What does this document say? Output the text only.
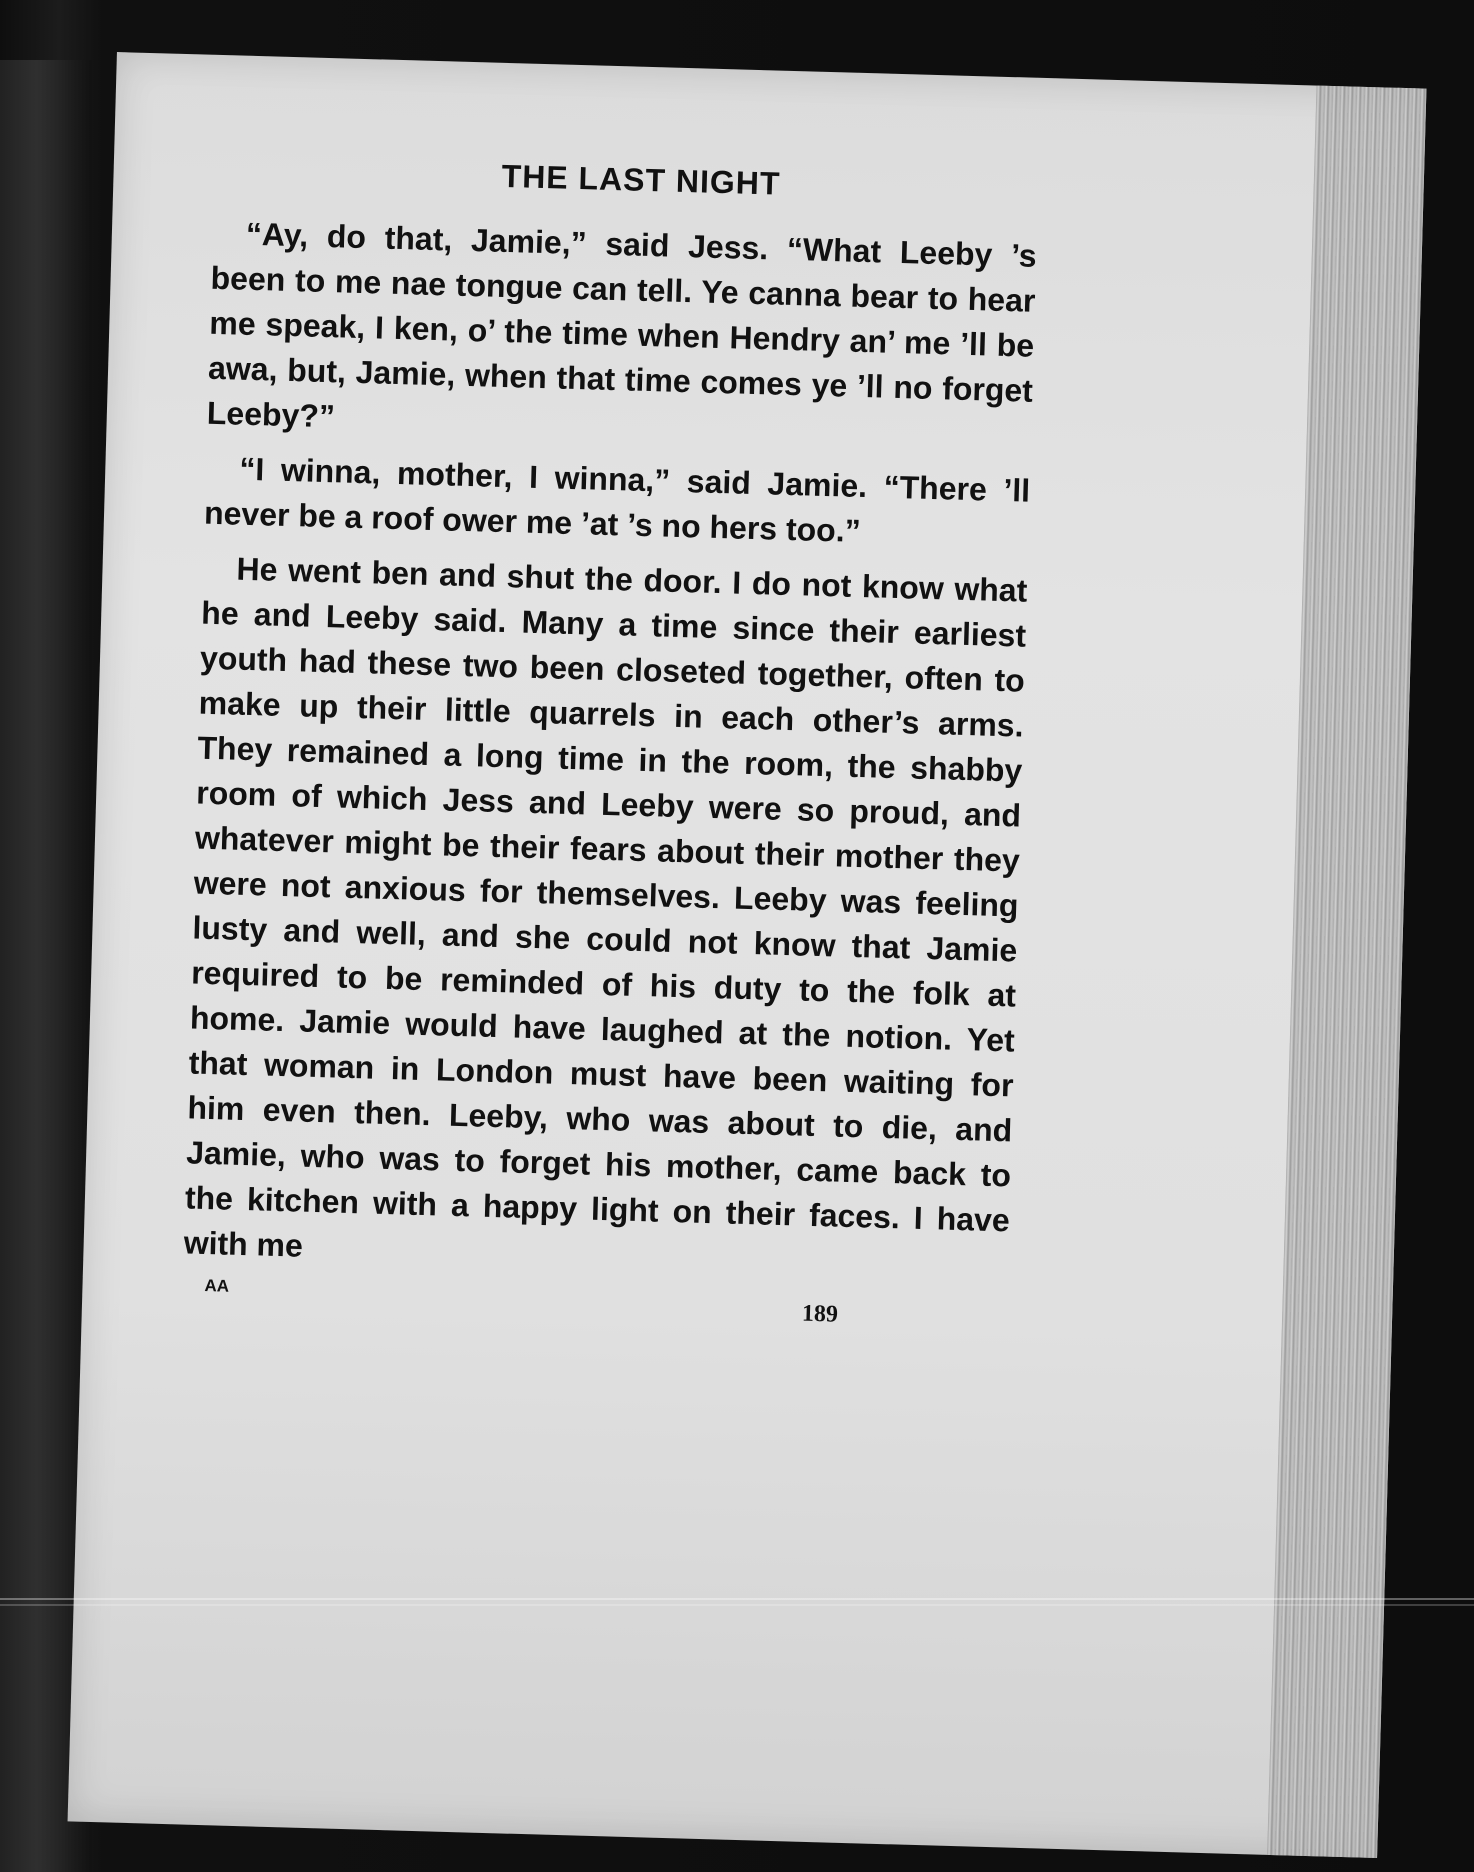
THE LAST NIGHT

“Ay, do that, Jamie,” said Jess. “What Leeby ’s been to me nae tongue can tell. Ye canna bear to hear me speak, I ken, o’ the time when Hendry an’ me ’ll be awa, but, Jamie, when that time comes ye ’ll no forget Leeby?”

“I winna, mother, I winna,” said Jamie. “There ’ll never be a roof ower me ’at ’s no hers too.”

He went ben and shut the door. I do not know what he and Leeby said. Many a time since their earliest youth had these two been closeted together, often to make up their little quarrels in each other’s arms. They remained a long time in the room, the shabby room of which Jess and Leeby were so proud, and whatever might be their fears about their mother they were not anxious for themselves. Leeby was feeling lusty and well, and she could not know that Jamie required to be reminded of his duty to the folk at home. Jamie would have laughed at the notion. Yet that woman in London must have been waiting for him even then. Leeby, who was about to die, and Jamie, who was to forget his mother, came back to the kitchen with a happy light on their faces. I have with me

AA
189
